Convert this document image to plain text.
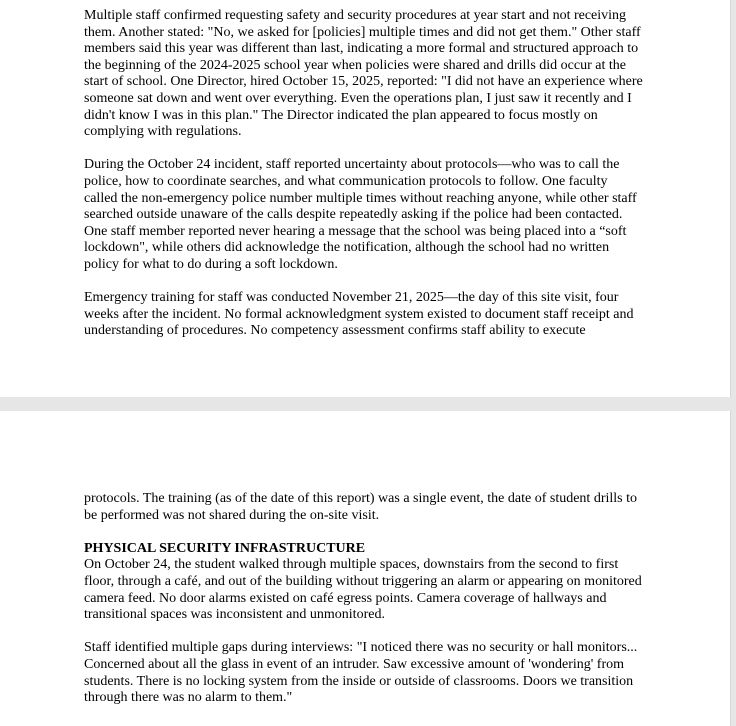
Multiple staff confirmed requesting safety and security procedures at year start and not receiving them. Another stated: "No, we asked for [policies] multiple times and did not get them." Other staff members said this year was different than last, indicating a more formal and structured approach to the beginning of the 2024-2025 school year when policies were shared and drills did occur at the start of school. One Director, hired October 15, 2025, reported: "I did not have an experience where someone sat down and went over everything. Even the operations plan, I just saw it recently and I didn't know I was in this plan." The Director indicated the plan appeared to focus mostly on complying with regulations.

During the October 24 incident, staff reported uncertainty about protocols—who was to call the police, how to coordinate searches, and what communication protocols to follow. One faculty called the non-emergency police number multiple times without reaching anyone, while other staff searched outside unaware of the calls despite repeatedly asking if the police had been contacted. One staff member reported never hearing a message that the school was being placed into a “soft lockdown", while others did acknowledge the notification, although the school had no written policy for what to do during a soft lockdown.

Emergency training for staff was conducted November 21, 2025—the day of this site visit, four weeks after the incident. No formal acknowledgment system existed to document staff receipt and understanding of procedures. No competency assessment confirms staff ability to execute

protocols. The training (as of the date of this report) was a single event, the date of student drills to be performed was not shared during the on-site visit.

PHYSICAL SECURITY INFRASTRUCTURE

On October 24, the student walked through multiple spaces, downstairs from the second to first floor, through a café, and out of the building without triggering an alarm or appearing on monitored camera feed. No door alarms existed on café egress points. Camera coverage of hallways and transitional spaces was inconsistent and unmonitored.

Staff identified multiple gaps during interviews: "I noticed there was no security or hall monitors... Concerned about all the glass in event of an intruder. Saw excessive amount of 'wondering' from students. There is no locking system from the inside or outside of classrooms. Doors we transition through there was no alarm to them."
